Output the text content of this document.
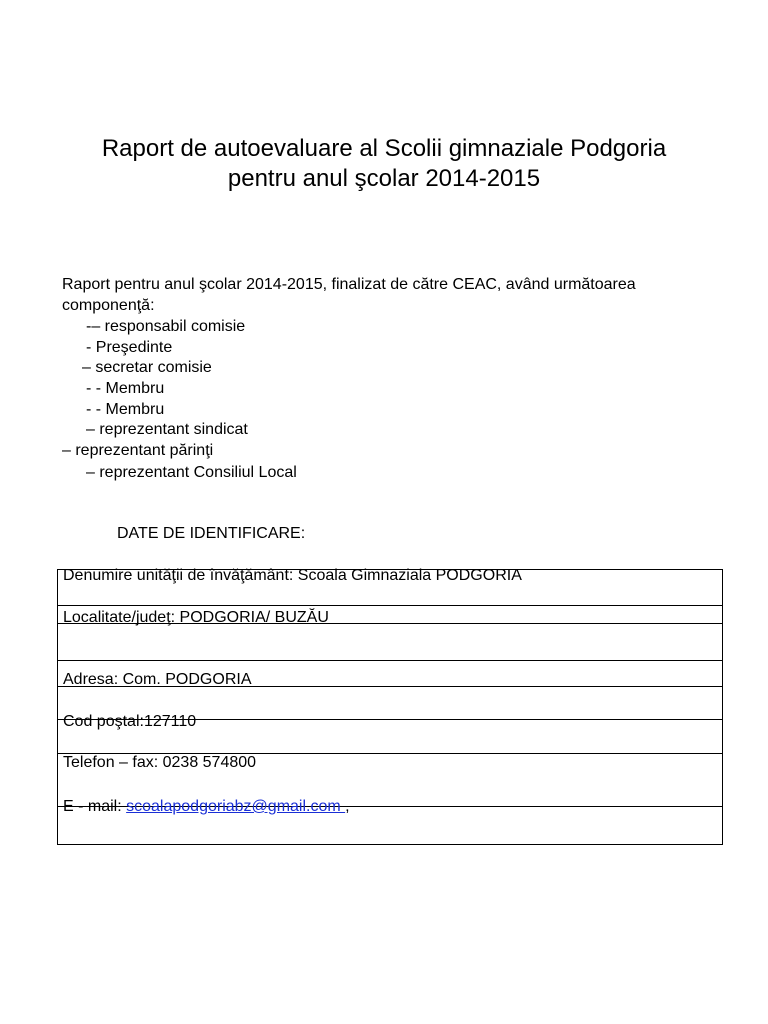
Raport de autoevaluare al Scolii gimnaziale Podgoria
pentru anul şcolar 2014-2015
Raport pentru anul şcolar 2014-2015, finalizat de către CEAC, având următoarea
componenţă:
-– responsabil comisie
- Preşedinte
– secretar comisie
- - Membru
- - Membru
– reprezentant sindicat
– reprezentant părinţi
– reprezentant Consiliul Local
DATE DE IDENTIFICARE:
Denumire unităţii de învăţământ: Scoala Gimnaziala PODGORIA
Localitate/judeţ: PODGORIA/ BUZĂU
Adresa: Com. PODGORIA
Cod poştal:127110
Telefon – fax: 0238 574800
E - mail: scoalapodgoriabz@gmail.com ,
